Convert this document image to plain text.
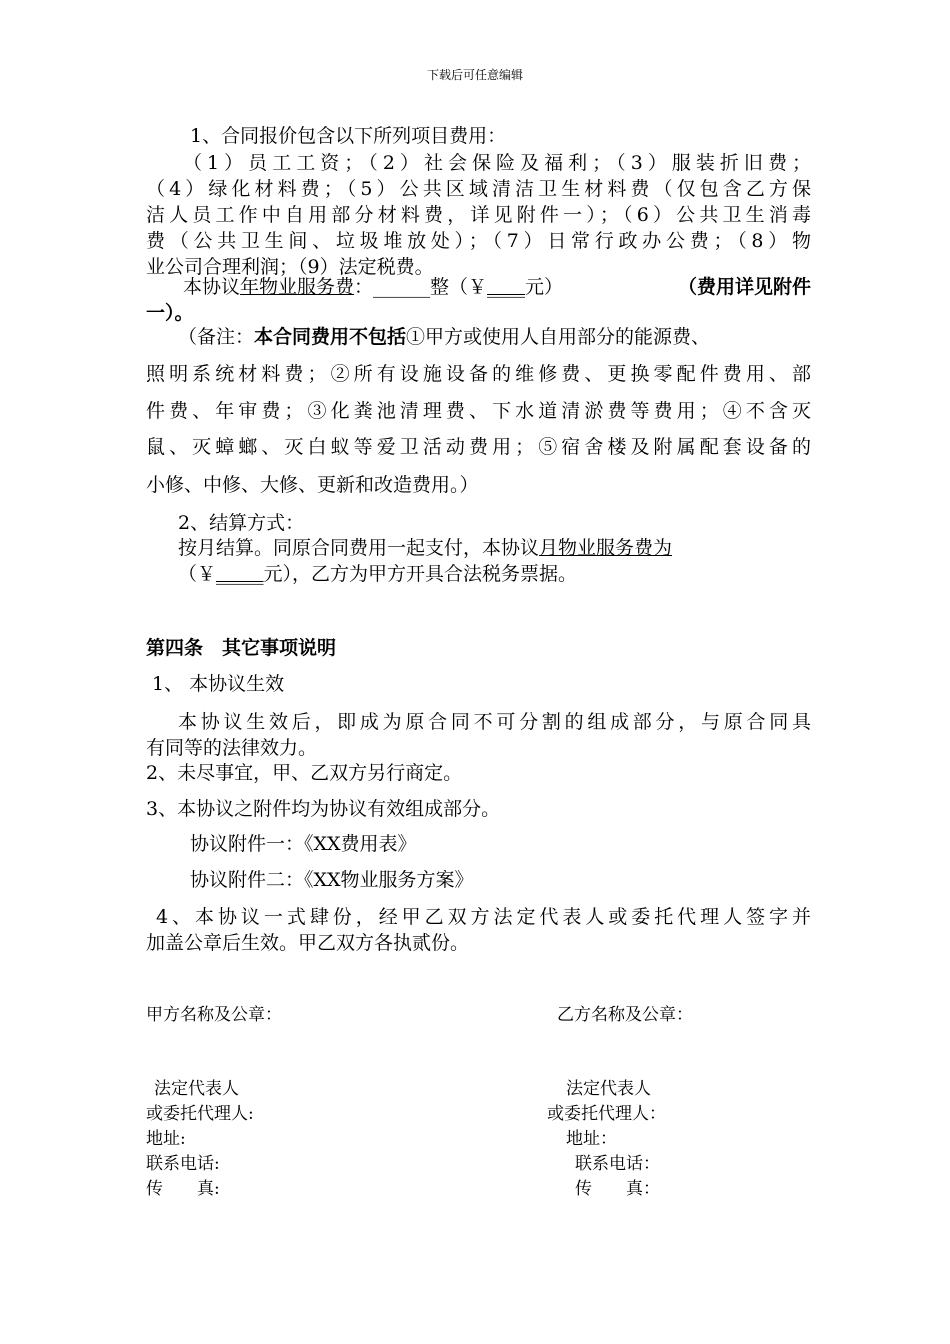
下载后可任意编辑
1、合同报价包含以下所列项目费用：
（1）员工工资；（2）社会保险及福利；（3）服装折旧费；
（4）绿化材料费；（5）公共区域清洁卫生材料费（仅包含乙方保
洁人员工作中自用部分材料费，详见附件一）；（6）公共卫生消毒
费（公共卫生间、垃圾堆放处）；（7）日常行政办公费；（8）物
业公司合理利润；（9）法定税费。
本协议年物业服务费：______整（￥____元）	（费用详见附件
一）。
（备注：本合同费用不包括①甲方或使用人自用部分的能源费、
照明系统材料费；②所有设施设备的维修费、更换零配件费用、部
件费、年审费；③化粪池清理费、下水道清淤费等费用；④不含灭
鼠、灭蟑螂、灭白蚁等爱卫活动费用；⑤宿舍楼及附属配套设备的
小修、中修、大修、更新和改造费用。）
2、结算方式：
按月结算。同原合同费用一起支付，本协议月物业服务费为
（￥_____元），乙方为甲方开具合法税务票据。
第四条　其它事项说明
1、 本协议生效
本协议生效后，即成为原合同不可分割的组成部分，与原合同具
有同等的法律效力。
2、未尽事宜，甲、乙双方另行商定。
3、本协议之附件均为协议有效组成部分。
协议附件一：《XX费用表》
协议附件二：《XX物业服务方案》
4、本协议一式肆份，经甲乙双方法定代表人或委托代理人签字并
加盖公章后生效。甲乙双方各执贰份。
甲方名称及公章：
法定代表人
或委托代理人:
地址:
联系电话:
传　　真:
乙方名称及公章：
法定代表人
或委托代理人：
地址：
联系电话：
传　　真：
